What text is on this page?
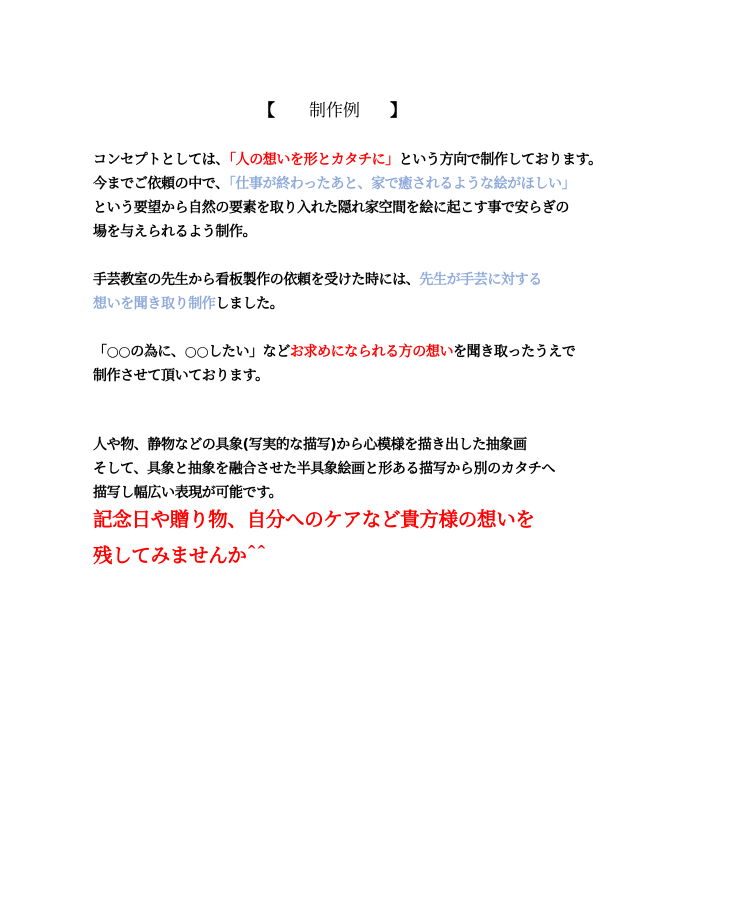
【 制作例 】
コンセプトとしては、「人の想いを形とカタチに」という方向で制作しております。
今までご依頼の中で、「仕事が終わったあと、家で癒されるような絵がほしい」
という要望から自然の要素を取り入れた隠れ家空間を絵に起こす事で安らぎの
場を与えられるよう制作。
手芸教室の先生から看板製作の依頼を受けた時には、先生が手芸に対する
想いを聞き取り制作しました。
「○○の為に、○○したい」などお求めになられる方の想いを聞き取ったうえで
制作させて頂いております。
人や物、静物などの具象(写実的な描写)から心模様を描き出した抽象画
そして、具象と抽象を融合させた半具象絵画と形ある描写から別のカタチへ
描写し幅広い表現が可能です。
記念日や贈り物、自分へのケアなど貴方様の想いを
残してみませんか^^
